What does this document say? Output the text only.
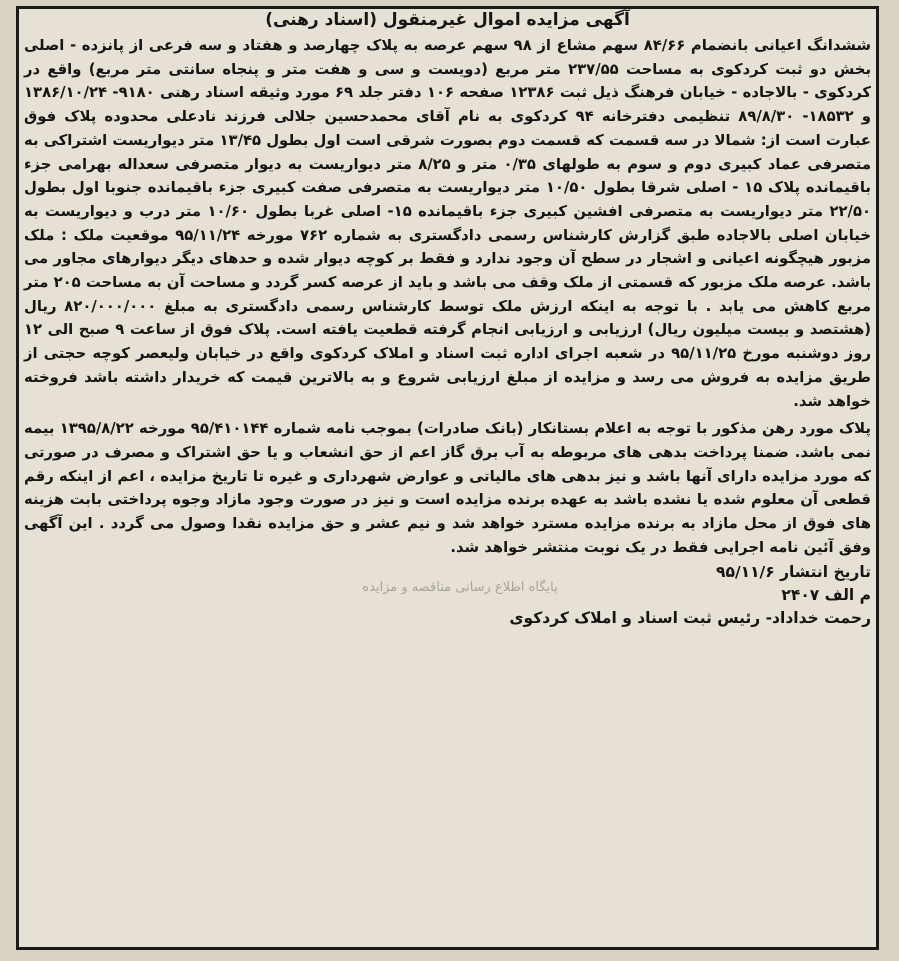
پایگاه اطلاع رسانی مناقصه و مزایده
آگهی مزایده اموال غیرمنقول (اسناد رهنی)

ششدانگ اعیانی بانضمام ۸۴/۶۶ سهم مشاع از ۹۸ سهم عرصه به پلاک چهارصد و هفتاد و سه فرعی از پانزده - اصلی بخش دو ثبت کردکوی به مساحت ۲۳۷/۵۵ متر مربع (دویست و سی و هفت متر و پنجاه سانتی متر مربع) واقع در کردکوی - بالاجاده - خیابان فرهنگ ذیل ثبت ۱۲۳۸۶ صفحه ۱۰۶ دفتر جلد ۶۹ مورد وثیقه اسناد رهنی ۹۱۸۰- ۱۳۸۶/۱۰/۲۴ و ۱۸۵۳۲- ۸۹/۸/۳۰ تنظیمی دفترخانه ۹۴ کردکوی به نام آقای محمدحسین جلالی فرزند نادعلی محدوده پلاک فوق عبارت است از: شمالا در سه قسمت که قسمت دوم بصورت شرقی است اول بطول ۱۳/۴۵ متر دیواریست اشتراکی به متصرفی عماد کبیری دوم و سوم به طولهای ۰/۳۵ متر و ۸/۲۵ متر دیواریست به دیوار متصرفی سعداله بهرامی جزء باقیمانده پلاک ۱۵ - اصلی شرقا بطول ۱۰/۵۰ متر دیواریست به متصرفی صفت کبیری جزء باقیمانده جنوبا اول بطول ۲۲/۵۰ متر دیواریست به متصرفی افشین کبیری جزء باقیمانده ۱۵- اصلی غربا بطول ۱۰/۶۰ متر درب و دیواریست به خیابان اصلی بالاجاده طبق گزارش کارشناس رسمی دادگستری به شماره ۷۶۲ مورخه ۹۵/۱۱/۲۴ موقعیت ملک : ملک مزبور هیچگونه اعیانی و اشجار در سطح آن وجود ندارد و فقط بر کوچه دیوار شده و حدهای دیگر دیوارهای مجاور می باشد. عرصه ملک مزبور که قسمتی از ملک وقف می باشد و باید از عرصه کسر گردد و مساحت آن به مساحت ۲۰۵ متر مربع کاهش می یابد . با توجه به اینکه ارزش ملک توسط کارشناس رسمی دادگستری به مبلغ ۸۲۰/۰۰۰/۰۰۰ ریال (هشتصد و بیست میلیون ریال) ارزیابی و ارزیابی انجام گرفته قطعیت یافته است. پلاک فوق از ساعت ۹ صبح الی ۱۲ روز دوشنبه مورخ ۹۵/۱۱/۲۵ در شعبه اجرای اداره ثبت اسناد و املاک کردکوی واقع در خیابان ولیعصر کوچه حجتی از طریق مزایده به فروش می رسد و مزایده از مبلغ ارزیابی شروع و به بالاترین قیمت که خریدار داشته باشد فروخته خواهد شد.

پلاک مورد رهن مذکور با توجه به اعلام بستانکار (بانک صادرات) بموجب نامه شماره ۹۵/۴۱۰۱۴۴ مورخه ۱۳۹۵/۸/۲۲ بیمه نمی باشد. ضمنا پرداخت بدهی های مربوطه به آب برق گاز اعم از حق انشعاب و یا حق اشتراک و مصرف در صورتی که مورد مزایده دارای آنها باشد و نیز بدهی های مالیاتی و عوارض شهرداری و غیره تا تاریخ مزایده ، اعم از اینکه رقم قطعی آن معلوم شده یا نشده باشد به عهده برنده مزایده است و نیز در صورت وجود مازاد وجوه پرداختی بابت هزینه های فوق از محل مازاد به برنده مزایده مسترد خواهد شد و نیم عشر و حق مزایده نقدا وصول می گردد . این آگهی وفق آئین نامه اجرایی فقط در یک نوبت منتشر خواهد شد.

تاریخ انتشار ۹۵/۱۱/۶
م الف ۲۴۰۷
رحمت خداداد- رئیس ثبت اسناد و املاک کردکوی
